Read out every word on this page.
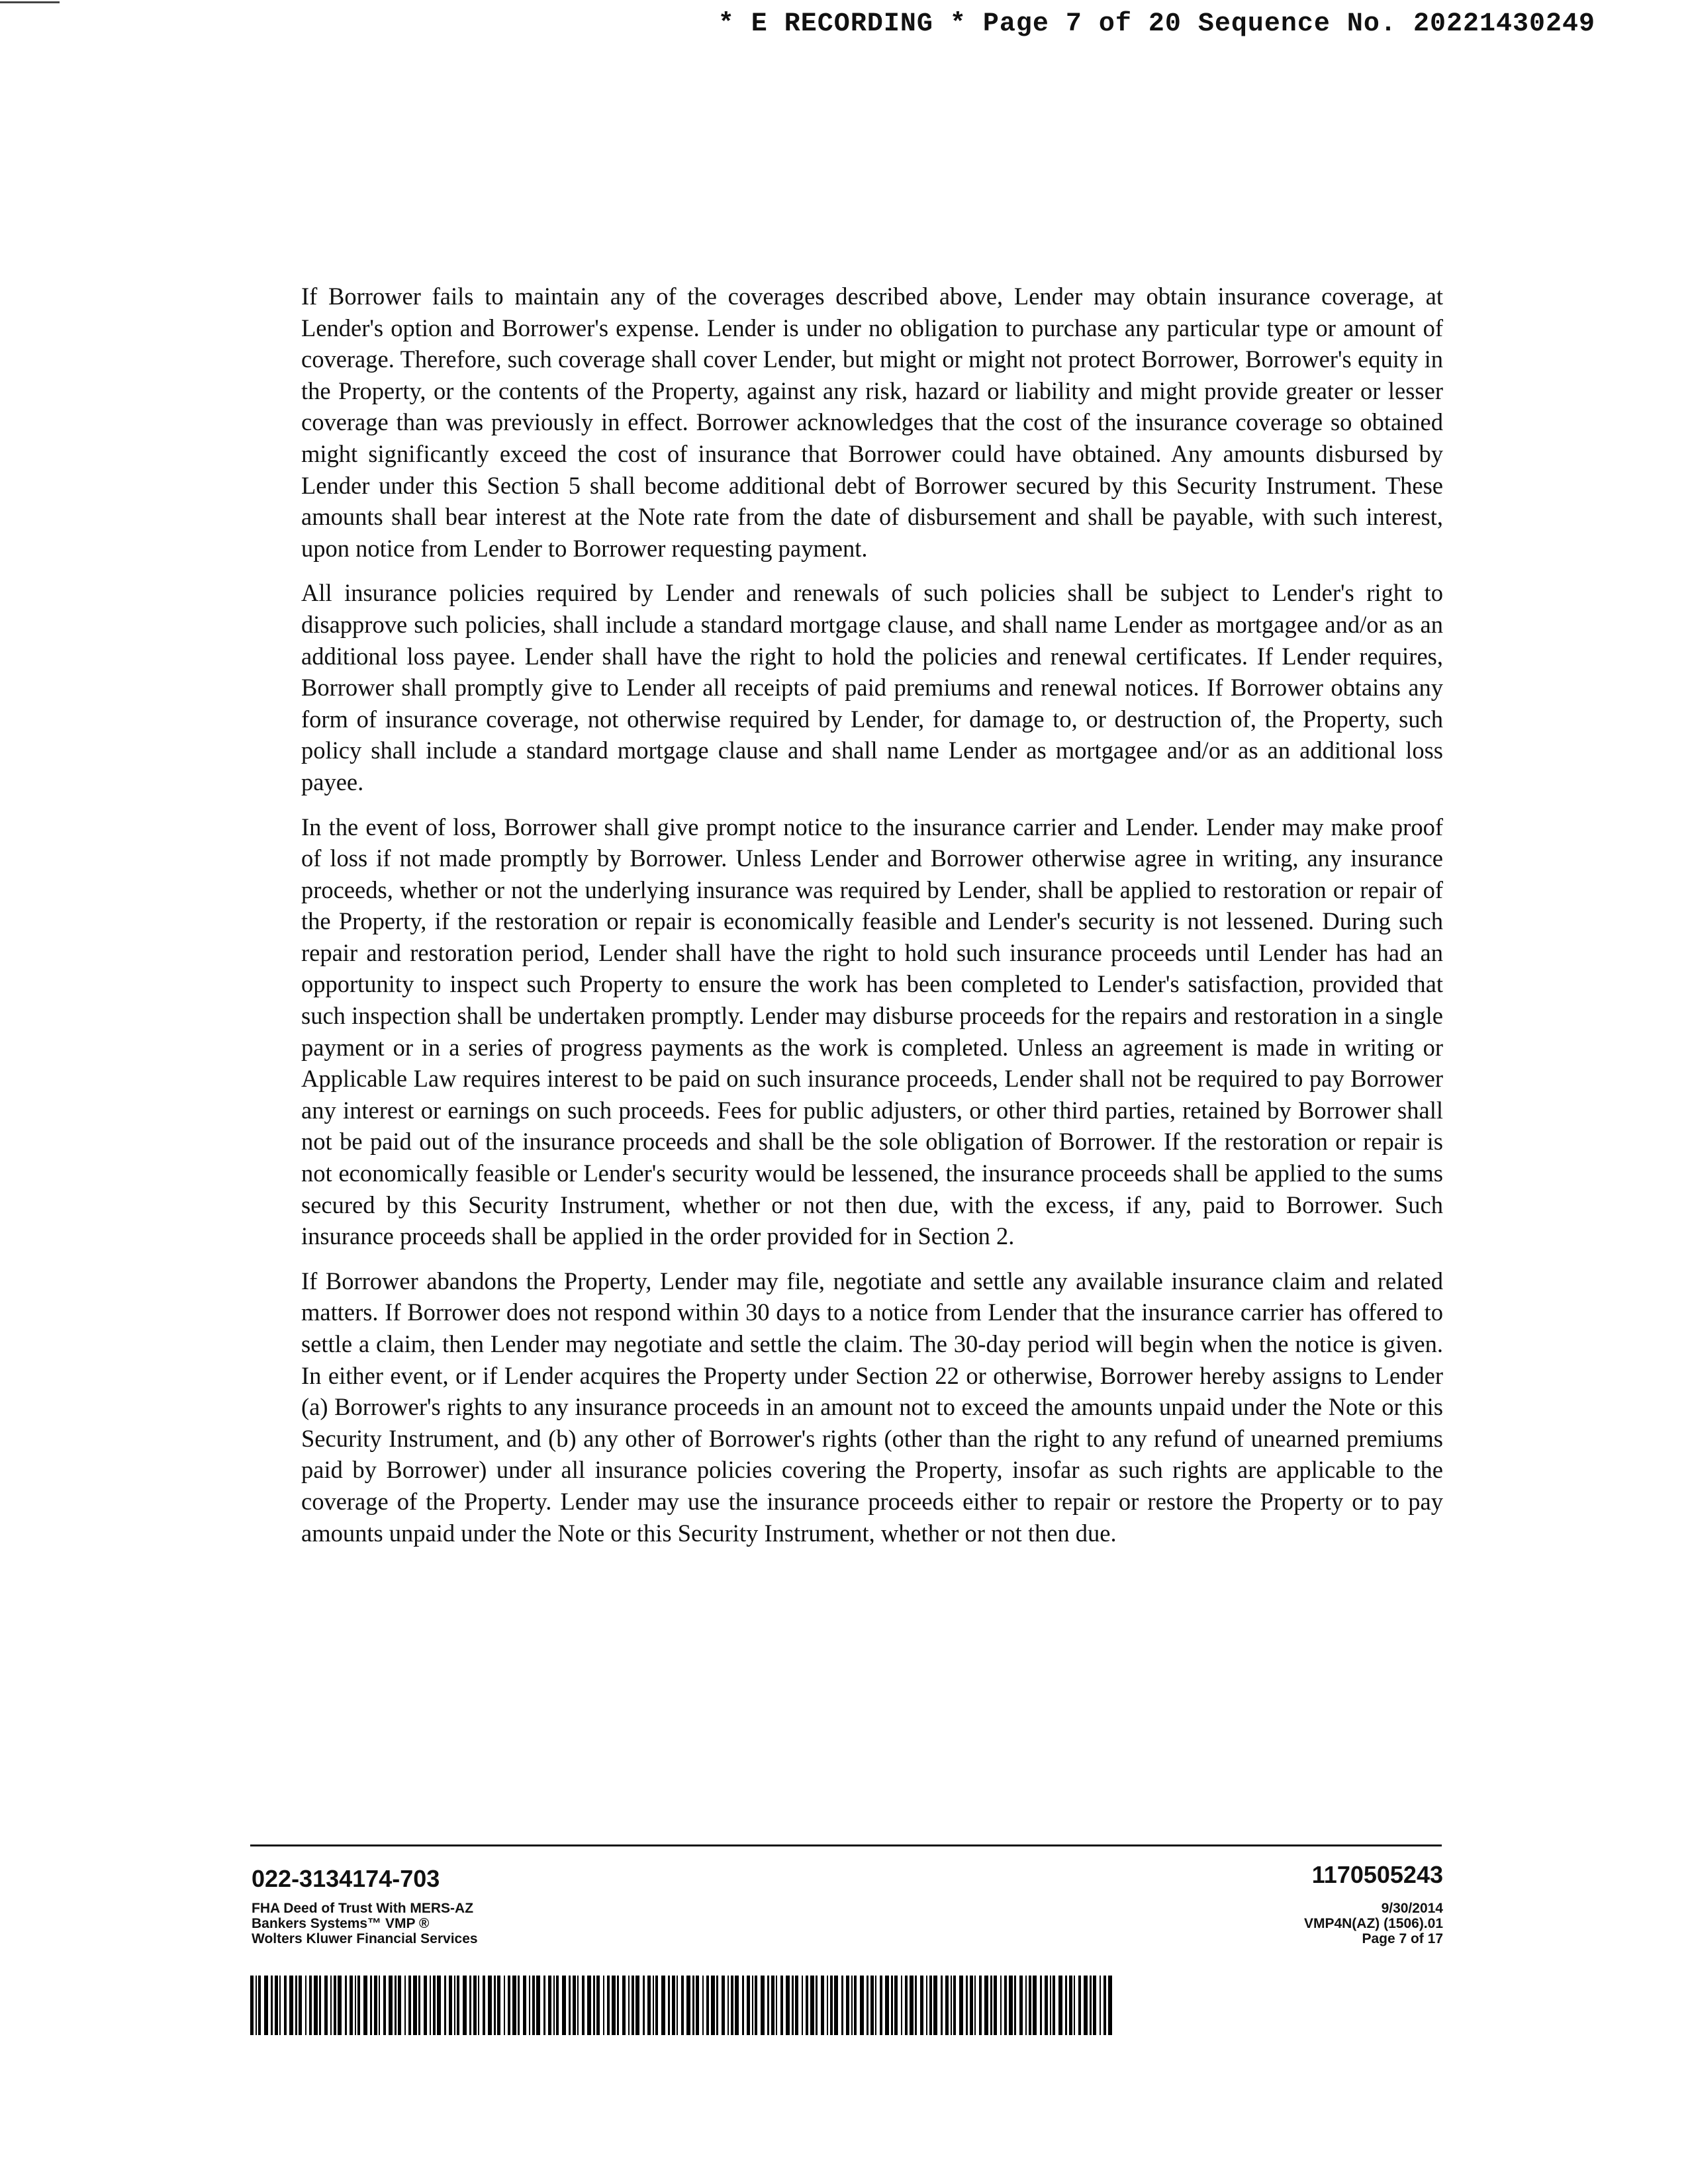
* E RECORDING * Page 7 of 20 Sequence No. 20221430249

If Borrower fails to maintain any of the coverages described above, Lender may obtain insurance coverage, at Lender's option and Borrower's expense. Lender is under no obligation to purchase any particular type or amount of coverage. Therefore, such coverage shall cover Lender, but might or might not protect Borrower, Borrower's equity in the Property, or the contents of the Property, against any risk, hazard or liability and might provide greater or lesser coverage than was previously in effect. Borrower acknowledges that the cost of the insurance coverage so obtained might significantly exceed the cost of insurance that Borrower could have obtained. Any amounts disbursed by Lender under this Section 5 shall become additional debt of Borrower secured by this Security Instrument. These amounts shall bear interest at the Note rate from the date of disbursement and shall be payable, with such interest, upon notice from Lender to Borrower requesting payment.

All insurance policies required by Lender and renewals of such policies shall be subject to Lender's right to disapprove such policies, shall include a standard mortgage clause, and shall name Lender as mortgagee and/or as an additional loss payee. Lender shall have the right to hold the policies and renewal certificates. If Lender requires, Borrower shall promptly give to Lender all receipts of paid premiums and renewal notices. If Borrower obtains any form of insurance coverage, not otherwise required by Lender, for damage to, or destruction of, the Property, such policy shall include a standard mortgage clause and shall name Lender as mortgagee and/or as an additional loss payee.

In the event of loss, Borrower shall give prompt notice to the insurance carrier and Lender. Lender may make proof of loss if not made promptly by Borrower. Unless Lender and Borrower otherwise agree in writing, any insurance proceeds, whether or not the underlying insurance was required by Lender, shall be applied to restoration or repair of the Property, if the restoration or repair is economically feasible and Lender's security is not lessened. During such repair and restoration period, Lender shall have the right to hold such insurance proceeds until Lender has had an opportunity to inspect such Property to ensure the work has been completed to Lender's satisfaction, provided that such inspection shall be undertaken promptly. Lender may disburse proceeds for the repairs and restoration in a single payment or in a series of progress payments as the work is completed. Unless an agreement is made in writing or Applicable Law requires interest to be paid on such insurance proceeds, Lender shall not be required to pay Borrower any interest or earnings on such proceeds. Fees for public adjusters, or other third parties, retained by Borrower shall not be paid out of the insurance proceeds and shall be the sole obligation of Borrower. If the restoration or repair is not economically feasible or Lender's security would be lessened, the insurance proceeds shall be applied to the sums secured by this Security Instrument, whether or not then due, with the excess, if any, paid to Borrower. Such insurance proceeds shall be applied in the order provided for in Section 2.

If Borrower abandons the Property, Lender may file, negotiate and settle any available insurance claim and related matters. If Borrower does not respond within 30 days to a notice from Lender that the insurance carrier has offered to settle a claim, then Lender may negotiate and settle the claim. The 30-day period will begin when the notice is given. In either event, or if Lender acquires the Property under Section 22 or otherwise, Borrower hereby assigns to Lender (a) Borrower's rights to any insurance proceeds in an amount not to exceed the amounts unpaid under the Note or this Security Instrument, and (b) any other of Borrower's rights (other than the right to any refund of unearned premiums paid by Borrower) under all insurance policies covering the Property, insofar as such rights are applicable to the coverage of the Property. Lender may use the insurance proceeds either to repair or restore the Property or to pay amounts unpaid under the Note or this Security Instrument, whether or not then due.

022-3134174-703	1170505243
FHA Deed of Trust With MERS-AZ
Bankers Systems™ VMP ®
Wolters Kluwer Financial Services
9/30/2014
VMP4N(AZ) (1506).01
Page 7 of 17
